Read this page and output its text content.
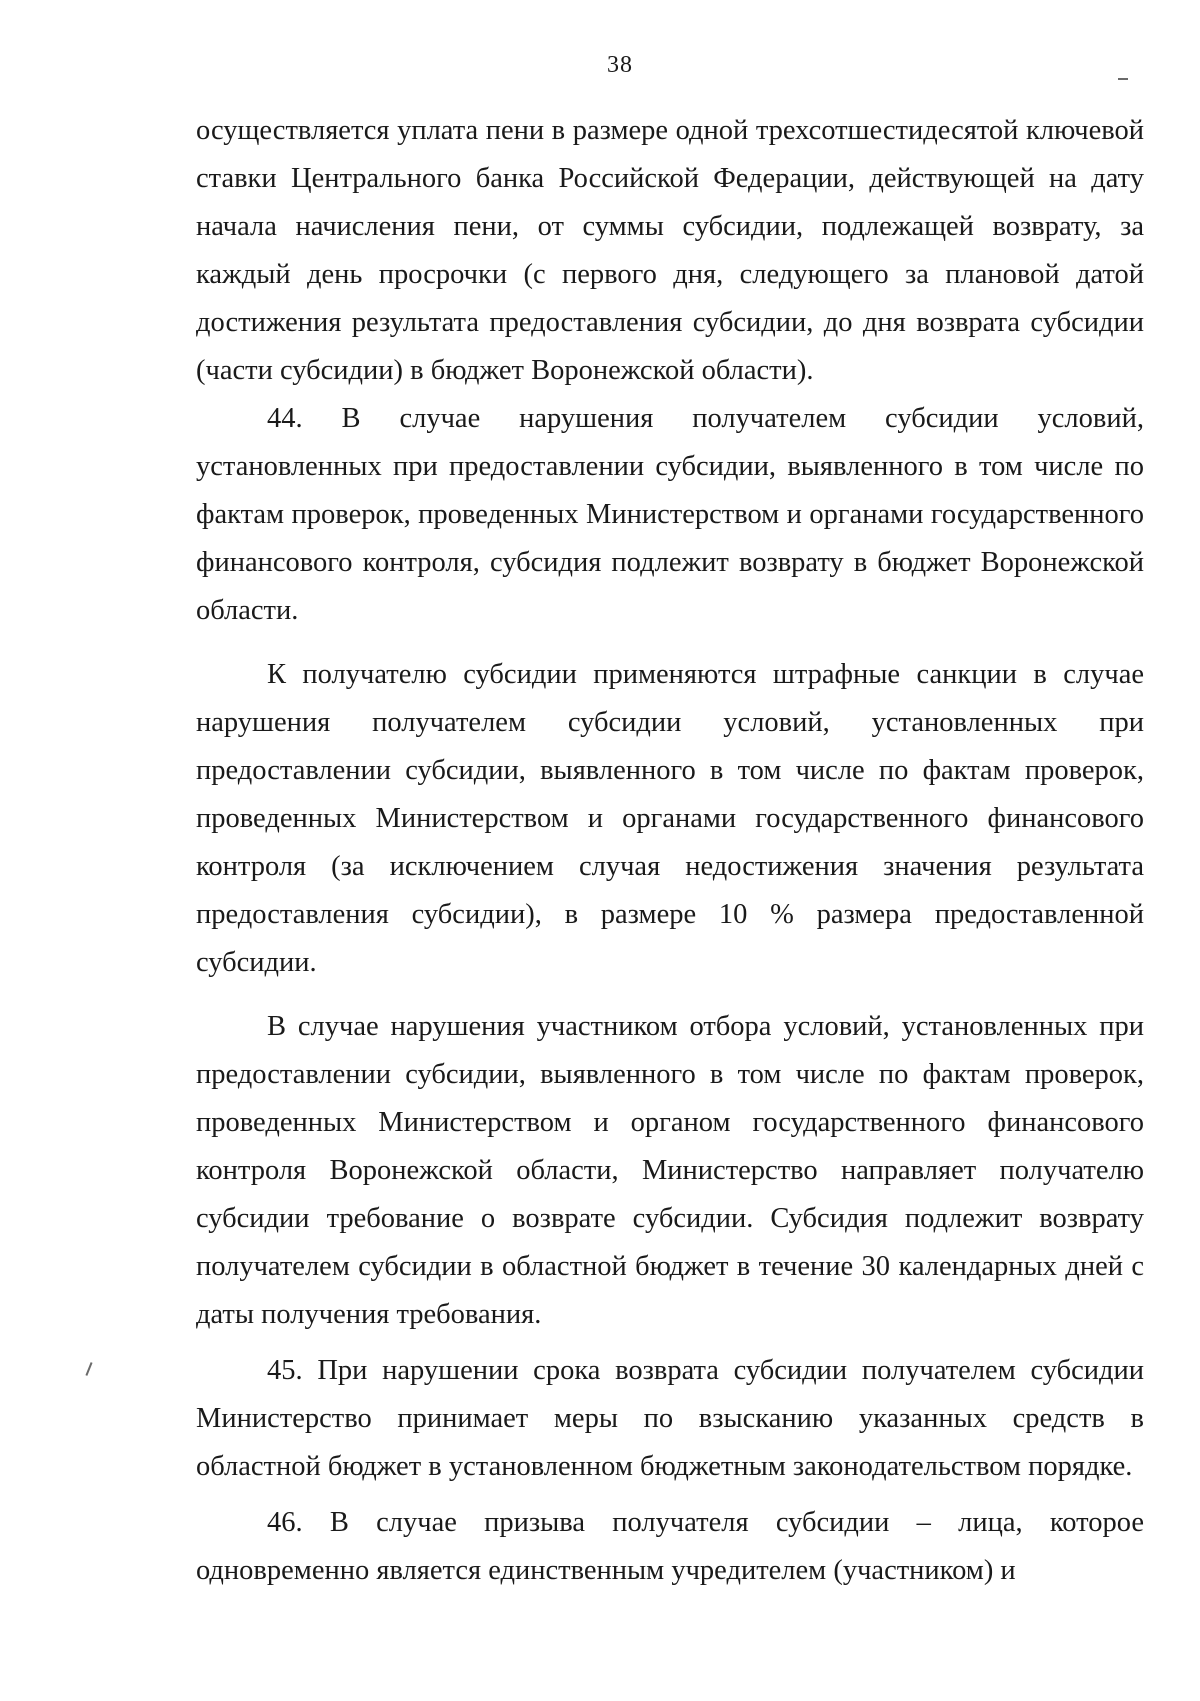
38

осуществляется уплата пени в размере одной трехсотшестидесятой ключевой ставки Центрального банка Российской Федерации, действующей на дату начала начисления пени, от суммы субсидии, подлежащей возврату, за каждый день просрочки (с первого дня, следующего за плановой датой достижения результата предоставления субсидии, до дня возврата субсидии (части субсидии) в бюджет Воронежской области).

44. В случае нарушения получателем субсидии условий, установленных при предоставлении субсидии, выявленного в том числе по фактам проверок, проведенных Министерством и органами государственного финансового контроля, субсидия подлежит возврату в бюджет Воронежской области.

К получателю субсидии применяются штрафные санкции в случае нарушения получателем субсидии условий, установленных при предоставлении субсидии, выявленного в том числе по фактам проверок, проведенных Министерством и органами государственного финансового контроля (за исключением случая недостижения значения результата предоставления субсидии), в размере 10 % размера предоставленной субсидии.

В случае нарушения участником отбора условий, установленных при предоставлении субсидии, выявленного в том числе по фактам проверок, проведенных Министерством и органом государственного финансового контроля Воронежской области, Министерство направляет получателю субсидии требование о возврате субсидии. Субсидия подлежит возврату получателем субсидии в областной бюджет в течение 30 календарных дней с даты получения требования.

45. При нарушении срока возврата субсидии получателем субсидии Министерство принимает меры по взысканию указанных средств в областной бюджет в установленном бюджетным законодательством порядке.

46. В случае призыва получателя субсидии – лица, которое одновременно является единственным учредителем (участником) и
